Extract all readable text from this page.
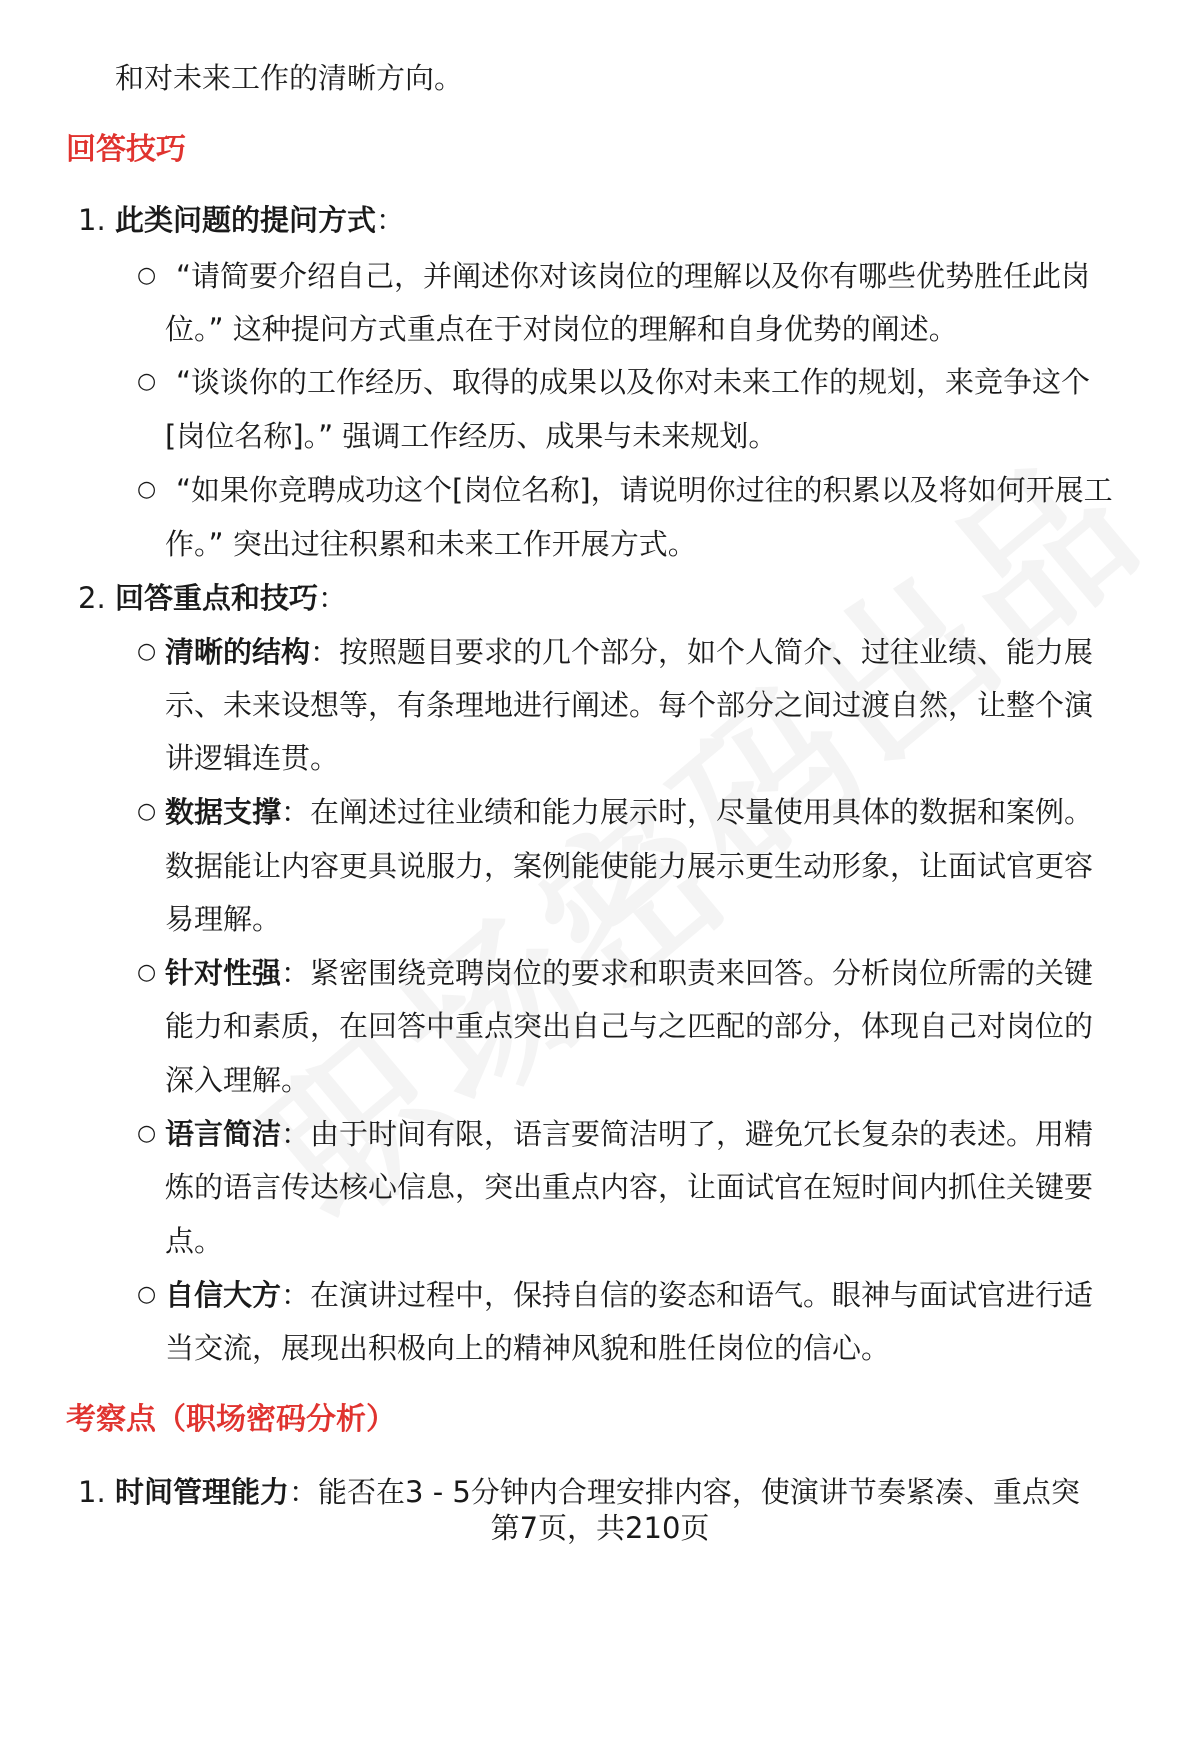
和对未来工作的清晰方向。
回答技巧
1. 此类问题的提问方式：
○ “请简要介绍自己，并阐述你对该岗位的理解以及你有哪些优势胜任此岗
位。” 这种提问方式重点在于对岗位的理解和自身优势的阐述。
○ “谈谈你的工作经历、取得的成果以及你对未来工作的规划，来竞争这个
[岗位名称]。” 强调工作经历、成果与未来规划。
○ “如果你竞聘成功这个[岗位名称]，请说明你过往的积累以及将如何开展工
作。” 突出过往积累和未来工作开展方式。
2. 回答重点和技巧：
○ 清晰的结构：按照题目要求的几个部分，如个人简介、过往业绩、能力展
示、未来设想等，有条理地进行阐述。每个部分之间过渡自然，让整个演
讲逻辑连贯。
○ 数据支撑：在阐述过往业绩和能力展示时，尽量使用具体的数据和案例。
数据能让内容更具说服力，案例能使能力展示更生动形象，让面试官更容
易理解。
○ 针对性强：紧密围绕竞聘岗位的要求和职责来回答。分析岗位所需的关键
能力和素质，在回答中重点突出自己与之匹配的部分，体现自己对岗位的
深入理解。
○ 语言简洁：由于时间有限，语言要简洁明了，避免冗长复杂的表述。用精
炼的语言传达核心信息，突出重点内容，让面试官在短时间内抓住关键要
点。
○ 自信大方：在演讲过程中，保持自信的姿态和语气。眼神与面试官进行适
当交流，展现出积极向上的精神风貌和胜任岗位的信心。
考察点（职场密码分析）
1. 时间管理能力：能否在3 - 5分钟内合理安排内容，使演讲节奏紧凑、重点突
第7页，共210页
